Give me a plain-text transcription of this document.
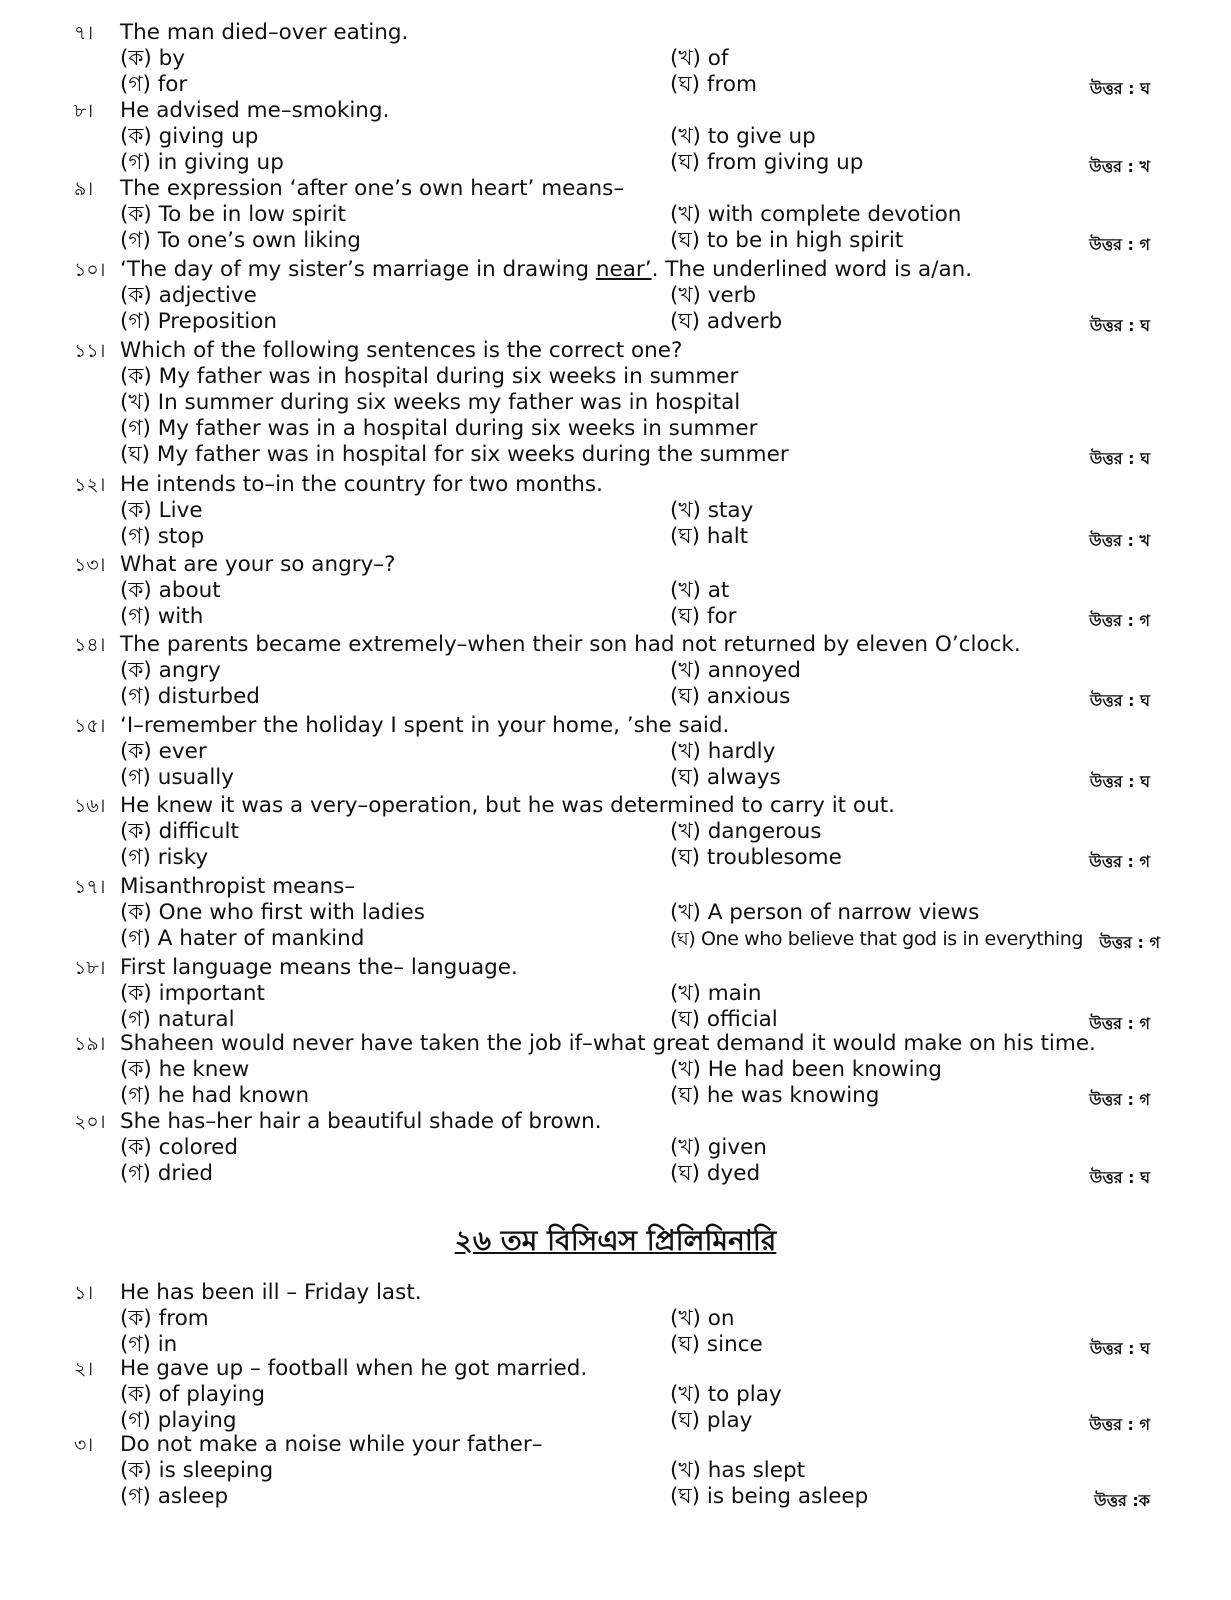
৭। The man died–over eating.
(ক) by	(খ) of
(গ) for	(ঘ) from	উত্তর : ঘ
৮। He advised me–smoking.
(ক) giving up	(খ) to give up
(গ) in giving up	(ঘ) from giving up	উত্তর : খ
৯। The expression ‘after one’s own heart’ means–
(ক) To be in low spirit	(খ) with complete devotion
(গ) To one’s own liking	(ঘ) to be in high spirit	উত্তর : গ
১০। ‘The day of my sister’s marriage in drawing near’. The underlined word is a/an.
(ক) adjective	(খ) verb
(গ) Preposition	(ঘ) adverb	উত্তর : ঘ
১১। Which of the following sentences is the correct one?
(ক) My father was in hospital during six weeks in summer
(খ) In summer during six weeks my father was in hospital
(গ) My father was in a hospital during six weeks in summer
(ঘ) My father was in hospital for six weeks during the summer	উত্তর : ঘ
১২। He intends to–in the country for two months.
(ক) Live	(খ) stay
(গ) stop	(ঘ) halt	উত্তর : খ
১৩। What are your so angry–?
(ক) about	(খ) at
(গ) with	(ঘ) for	উত্তর : গ
১৪। The parents became extremely–when their son had not returned by eleven O’clock.
(ক) angry	(খ) annoyed
(গ) disturbed	(ঘ) anxious	উত্তর : ঘ
১৫। ‘I–remember the holiday I spent in your home, ’she said.
(ক) ever	(খ) hardly
(গ) usually	(ঘ) always	উত্তর : ঘ
১৬। He knew it was a very–operation, but he was determined to carry it out.
(ক) difficult	(খ) dangerous
(গ) risky	(ঘ) troublesome	উত্তর : গ
১৭। Misanthropist means–
(ক) One who first with ladies	(খ) A person of narrow views
(গ) A hater of mankind	(ঘ) One who believe that god is in everything উত্তর : গ
১৮। First language means the– language.
(ক) important	(খ) main
(গ) natural	(ঘ) official	উত্তর : গ
১৯। Shaheen would never have taken the job if–what great demand it would make on his time.
(ক) he knew	(খ) He had been knowing
(গ) he had known	(ঘ) he was knowing	উত্তর : গ
২০। She has–her hair a beautiful shade of brown.
(ক) colored	(খ) given
(গ) dried	(ঘ) dyed	উত্তর : ঘ
২৬ তম বিসিএস প্রিলিমিনারি
১। He has been ill – Friday last.
(ক) from	(খ) on
(গ) in	(ঘ) since	উত্তর : ঘ
২। He gave up – football when he got married.
(ক) of playing	(খ) to play
(গ) playing	(ঘ) play	উত্তর : গ
৩। Do not make a noise while your father–
(ক) is sleeping	(খ) has slept
(গ) asleep	(ঘ) is being asleep	উত্তর :ক
